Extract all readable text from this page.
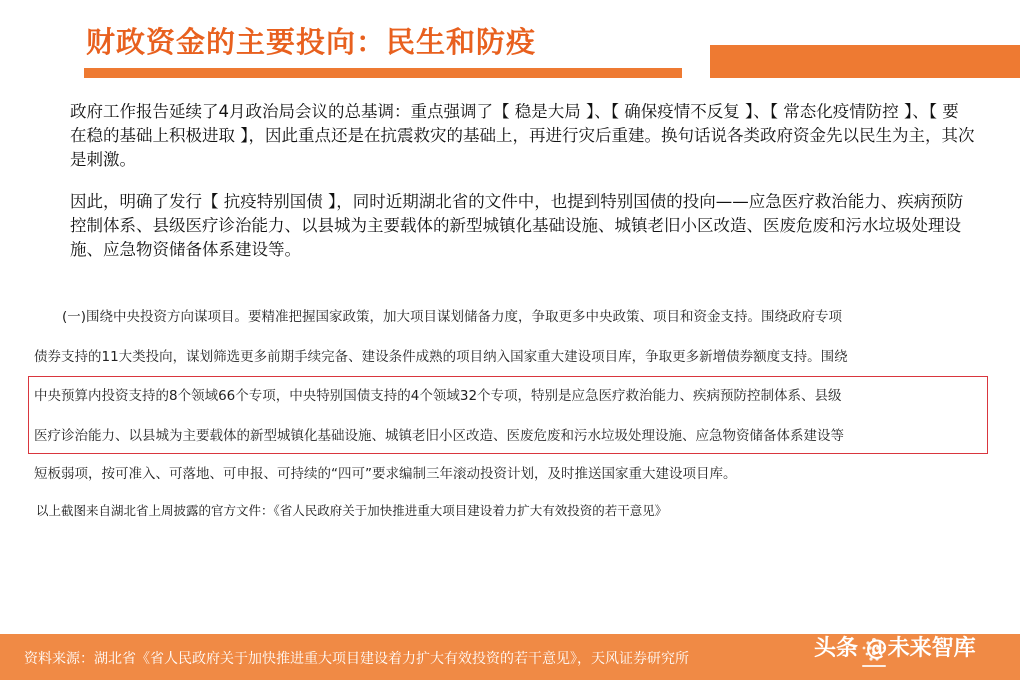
财政资金的主要投向：民生和防疫
政府工作报告延续了4月政治局会议的总基调：重点强调了【 稳是大局 】、【 确保疫情不反复 】、【 常态化疫情防控 】、【 要在稳的基础上积极进取 】，因此重点还是在抗震救灾的基础上，再进行灾后重建。换句话说各类政府资金先以民生为主，其次是刺激。
因此，明确了发行【 抗疫特别国债 】，同时近期湖北省的文件中，也提到特别国债的投向——应急医疗救治能力、疾病预防控制体系、县级医疗诊治能力、以县城为主要载体的新型城镇化基础设施、城镇老旧小区改造、医废危废和污水垃圾处理设施、应急物资储备体系建设等。
(一)围绕中央投资方向谋项目。要精准把握国家政策，加大项目谋划储备力度，争取更多中央政策、项目和资金支持。围绕政府专项
债券支持的11大类投向，谋划筛选更多前期手续完备、建设条件成熟的项目纳入国家重大建设项目库，争取更多新增债券额度支持。围绕
中央预算内投资支持的8个领域66个专项，中央特别国债支持的4个领域32个专项，特别是应急医疗救治能力、疾病预防控制体系、县级
医疗诊治能力、以县城为主要载体的新型城镇化基础设施、城镇老旧小区改造、医废危废和污水垃圾处理设施、应急物资储备体系建设等
短板弱项，按可准入、可落地、可申报、可持续的“四可”要求编制三年滚动投资计划，及时推送国家重大建设项目库。
以上截图来自湖北省上周披露的官方文件：《省人民政府关于加快推进重大项目建设着力扩大有效投资的若干意见》
资料来源：湖北省《省人民政府关于加快推进重大项目建设着力扩大有效投资的若干意见》，天风证券研究所	头条 @未来智库
